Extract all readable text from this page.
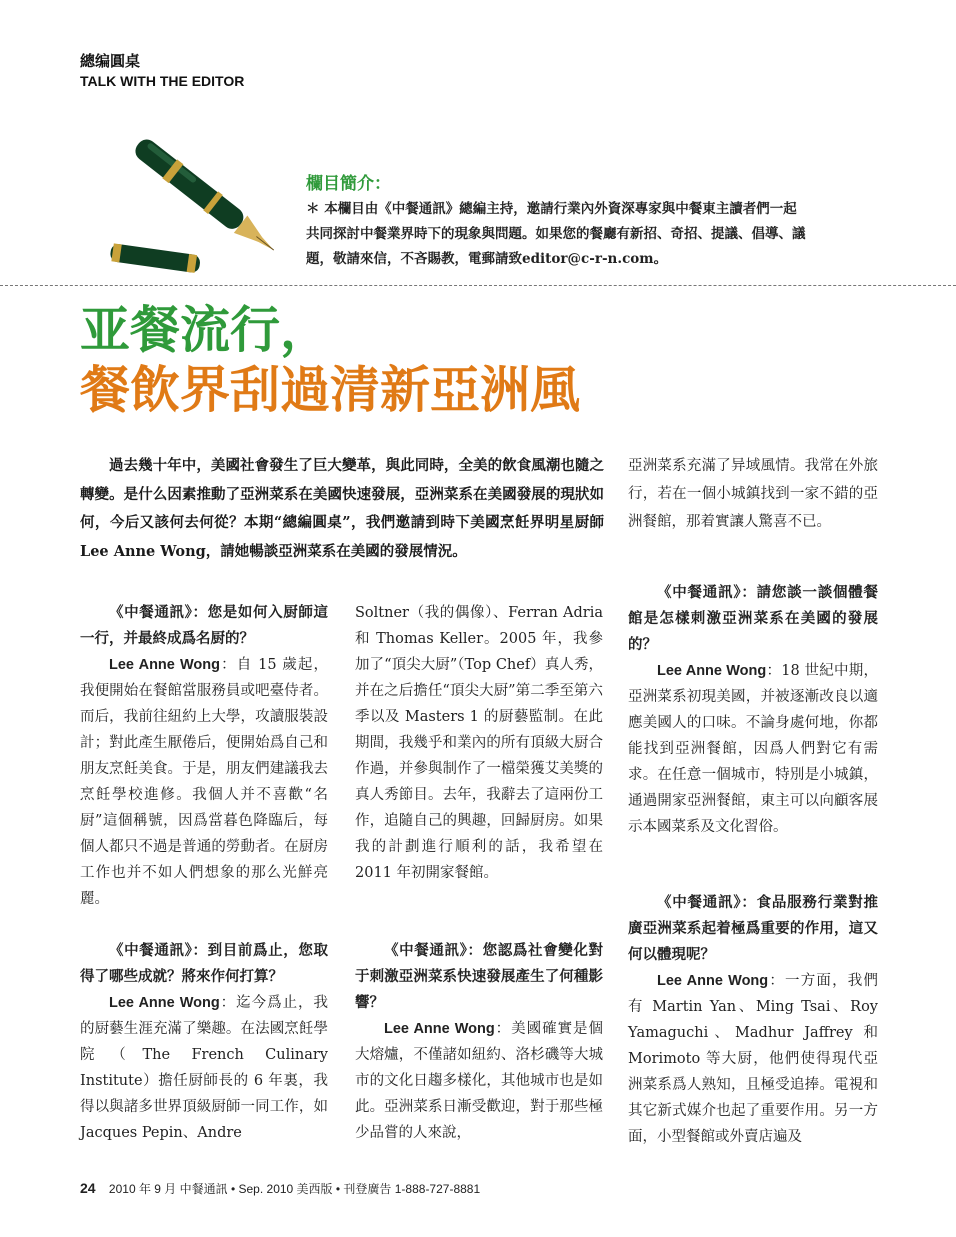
總编圓桌
TALK WITH THE EDITOR
欄目簡介：

＊ 本欄目由《中餐通訊》總編主持，邀請行業內外資深專家與中餐東主讀者們一起

共同探討中餐業界時下的現象與問題。如果您的餐廳有新招、奇招、提議、倡導、議

題，敬請來信，不吝賜教，電郵請致editor@c-r-n.com。

亚餐流行，
餐飲界刮過清新亞洲風
過去幾十年中，美國社會發生了巨大變革，與此同時，全美的飲食風潮也隨之轉變。是什么因素推動了亞洲菜系在美國快速發展，亞洲菜系在美國發展的現狀如何，今后又該何去何從？本期“總編圓桌”，我們邀請到時下美國烹飪界明星厨師 Lee Anne Wong，請她暢談亞洲菜系在美國的發展情況。

《中餐通訊》：您是如何入厨師這一行，并最終成爲名厨的？

Lee Anne Wong：自 15 歲起，我便開始在餐館當服務員或吧臺侍者。而后，我前往紐約上大學，攻讀服裝設計；對此產生厭倦后，便開始爲自己和朋友烹飪美食。于是，朋友們建議我去烹飪學校進修。我個人并不喜歡“名厨”這個稱號，因爲當暮色降臨后，每個人都只不過是普通的勞動者。在厨房工作也并不如人們想象的那么光鮮亮麗。

《中餐通訊》：到目前爲止，您取得了哪些成就？將來作何打算？

Lee Anne Wong：迄今爲止，我的厨藝生涯充滿了樂趣。在法國烹飪學院（The French Culinary Institute）擔任厨師長的 6 年裏，我得以與諸多世界頂級厨師一同工作，如 Jacques Pepin、Andre

Soltner（我的偶像）、Ferran Adria 和 Thomas Keller。2005 年，我參加了“頂尖大厨”（Top Chef）真人秀，并在之后擔任“頂尖大厨”第二季至第六季以及 Masters 1 的厨藝監制。在此期間，我幾乎和業內的所有頂級大厨合作過，并參與制作了一檔榮獲艾美獎的真人秀節目。去年，我辭去了這兩份工作，追隨自己的興趣，回歸厨房。如果我的計劃進行順利的話，我希望在 2011 年初開家餐館。

《中餐通訊》：您認爲社會變化對于刺激亞洲菜系快速發展產生了何種影響？

Lee Anne Wong：美國確實是個大熔爐，不僅諸如紐約、洛杉磯等大城市的文化日趨多樣化，其他城市也是如此。亞洲菜系日漸受歡迎，對于那些極少品嘗的人來說，

亞洲菜系充滿了异域風情。我常在外旅行，若在一個小城鎮找到一家不錯的亞洲餐館，那着實讓人驚喜不已。

《中餐通訊》：請您談一談個體餐館是怎樣刺激亞洲菜系在美國的發展的？

Lee Anne Wong：18 世紀中期，亞洲菜系初現美國，并被逐漸改良以適應美國人的口味。不論身處何地，你都能找到亞洲餐館，因爲人們對它有需求。在任意一個城市，特別是小城鎮，通過開家亞洲餐館，東主可以向顧客展示本國菜系及文化習俗。

《中餐通訊》：食品服務行業對推廣亞洲菜系起着極爲重要的作用，這又何以體現呢？

Lee Anne Wong：一方面，我們有 Martin Yan、Ming Tsai、Roy Yamaguchi、Madhur Jaffrey 和 Morimoto 等大厨，他們使得現代亞洲菜系爲人熟知，且極受追捧。電視和其它新式媒介也起了重要作用。另一方面，小型餐館或外賣店遍及

24 2010 年 9 月 中餐通訊 • Sep. 2010 美西版 • 刊登廣告 1-888-727-8881
